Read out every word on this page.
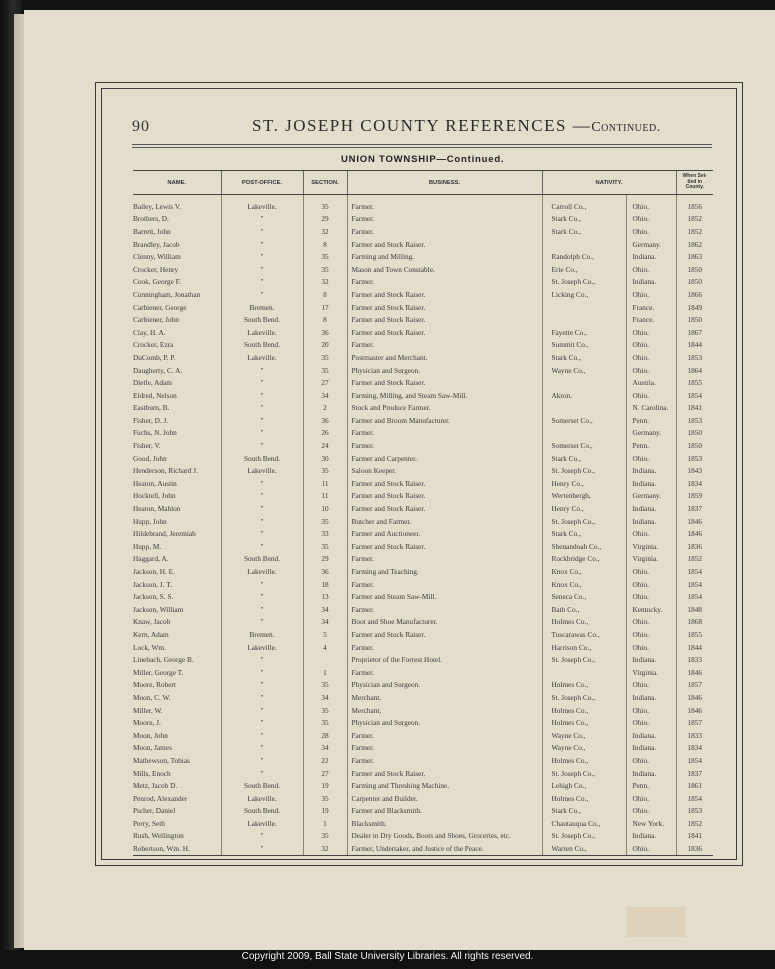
90	ST. JOSEPH COUNTY REFERENCES —Continued.
UNION TOWNSHIP—Continued.
NAME.	POST-OFFICE.	SECTION.	BUSINESS.	NATIVITY.		When Set-
tled in
County.
Bailey, Lewis V.	Lakeville.	35	Farmer.	Carroll Co.,	Ohio.	1856
Brothers, D.	"	29	Farmer.	Stark Co.,	Ohio.	1852
Barrett, John	"	32	Farmer.	Stark Co.,	Ohio.	1852
Brandley, Jacob	"	8	Farmer and Stock Raiser.		Germany.	1862
Clenny, William	"	35	Farming and Milling.	Randolph Co.,	Indiana.	1863
Crocker, Henry	"	35	Mason and Town Constable.	Erie Co.,	Ohio.	1850
Cook, George F.	"	32	Farmer.	St. Joseph Co.,	Indiana.	1850
Cunningham, Jonathan	"	8	Farmer and Stock Raiser.	Licking Co.,	Ohio.	1866
Carbiener, George	Bremen.	17	Farmer and Stock Raiser.		France.	1849
Carbiener, John	South Bend.	8	Farmer and Stock Raiser.		France.	1850
Clay, H. A.	Lakeville.	36	Farmer and Stock Raiser.	Fayette Co.,	Ohio.	1867
Crocker, Ezra	South Bend.	20	Farmer.	Summit Co.,	Ohio.	1844
DuComb, P. P.	Lakeville.	35	Postmaster and Merchant.	Stark Co.,	Ohio.	1853
Daugherty, C. A.	"	35	Physician and Surgeon.	Wayne Co.,	Ohio.	1864
Dietle, Adam	"	27	Farmer and Stock Raiser.		Austria.	1855
Eldred, Nelson	"	34	Farming, Milling, and Steam Saw-Mill.	Akron.	Ohio.	1854
Eastburn, B.	"	2	Stock and Produce Farmer.		N. Carolina.	1841
Fisher, D. J.	"	36	Farmer and Broom Manufacturer.	Somerset Co.,	Penn.	1853
Fuchs, N. John	"	26	Farmer.		Germany.	1850
Fisher, V.	"	24	Farmer.	Somerset Co.,	Penn.	1850
Good, John	South Bend.	30	Farmer and Carpenter.	Stark Co.,	Ohio.	1853
Henderson, Richard J.	Lakeville.	35	Saloon Keeper.	St. Joseph Co.,	Indiana.	1843
Heaton, Austin	"	11	Farmer and Stock Raiser.	Henry Co.,	Indiana.	1834
Hocktell, John	"	11	Farmer and Stock Raiser.	Wertenbergh,	Germany.	1859
Heaton, Mahlon	"	10	Farmer and Stock Raiser.	Henry Co.,	Indiana.	1837
Hupp, John	"	35	Butcher and Farmer.	St. Joseph Co.,	Indiana.	1846
Hildebrand, Jeremiah	"	33	Farmer and Auctioneer.	Stark Co.,	Ohio.	1846
Hupp, M.	"	35	Farmer and Stock Raiser.	Shenandoah Co.,	Virginia.	1836
Haggard, A.	South Bend.	29	Farmer.	Rockbridge Co.,	Virginia.	1852
Jackson, H. E.	Lakeville.	36	Farming and Teaching.	Knox Co.,	Ohio.	1854
Jackson, J. T.	"	18	Farmer.	Knox Co.,	Ohio.	1854
Jackson, S. S.	"	13	Farmer and Steam Saw-Mill.	Seneca Co.,	Ohio.	1854
Jackson, William	"	34	Farmer.	Bath Co.,	Kentucky.	1848
Knaw, Jacob	"	34	Boot and Shoe Manufacturer.	Holmes Co.,	Ohio.	1868
Kern, Adam	Bremen.	5	Farmer and Stock Raiser.	Tuscarawas Co.,	Ohio.	1855
Lock, Wm.	Lakeville.	4	Farmer.	Harrison Co.,	Ohio.	1844
Linebach, George B.	"		Proprietor of the Forrest Hotel.	St. Joseph Co.,	Indiana.	1833
Miller, George T.	"	1	Farmer.		Virginia.	1846
Moore, Robert	"	35	Physician and Surgeon.	Holmes Co.,	Ohio.	1857
Moon, C. W.	"	34	Merchant.	St. Joseph Co.,	Indiana.	1846
Miller, W.	"	35	Merchant.	Holmes Co.,	Ohio.	1846
Moore, J.	"	35	Physician and Surgeon.	Holmes Co.,	Ohio.	1857
Moon, John	"	28	Farmer.	Wayne Co.,	Indiana.	1833
Moon, James	"	34	Farmer.	Wayne Co.,	Indiana.	1834
Mathewson, Tobias	"	22	Farmer.	Holmes Co.,	Ohio.	1854
Mills, Enoch	"	27	Farmer and Stock Raiser.	St. Joseph Co.,	Indiana.	1837
Metz, Jacob D.	South Bend.	19	Farming and Threshing Machine.	Lehigh Co.,	Penn.	1861
Penrod, Alexander	Lakeville.	35	Carpenter and Builder.	Holmes Co.,	Ohio.	1854
Pscher, Daniel	South Bend.	19	Farmer and Blacksmith.	Stark Co.,	Ohio.	1853
Perry, Seth	Lakeville.	1	Blacksmith.	Chautauqua Co.,	New York.	1852
Rush, Wellington	"	35	Dealer in Dry Goods, Boots and Shoes, Groceries, etc.	St. Joseph Co.,	Indiana.	1841
Robertson, Wm. H.	"	32	Farmer, Undertaker, and Justice of the Peace.	Warren Co.,	Ohio.	1836
Copyright 2009, Ball State University Libraries. All rights reserved.
